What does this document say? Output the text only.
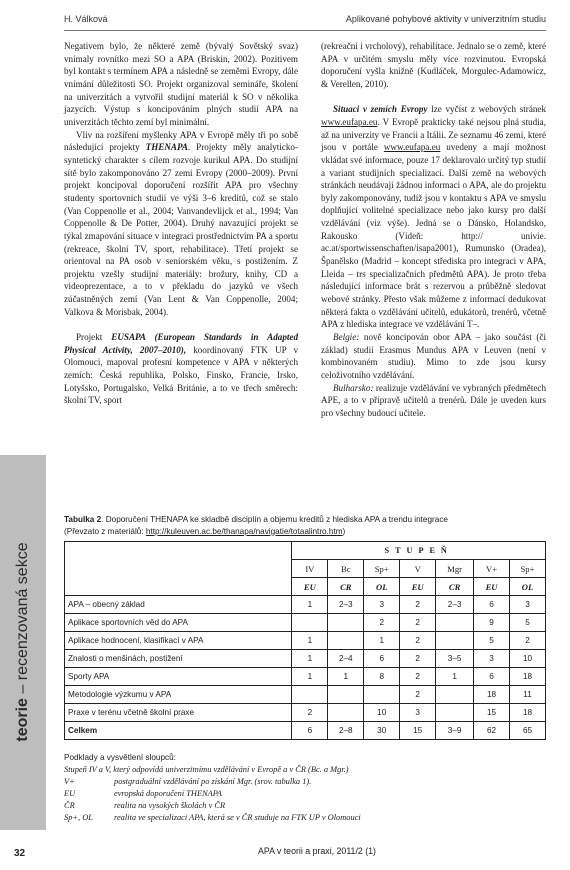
H. Válková	Aplikované pohybové aktivity v univerzitním studiu
teorie – recenzovaná sekce

Negativem bylo, že některé země (bývalý Sovětský svaz) vnímaly rovnítko mezi SO a APA (Briskin, 2002). Pozitivem byl kontakt s termínem APA a následně se zeměmi Evropy, dále vnímání důležitosti SO. Projekt organizoval semináře, školení na univerzitách a vytvořil studijní materiál k SO v několika jazycích. Výstup s koncipováním plných studií APA na univerzitách těchto zemí byl minimální.

Vliv na rozšíření myšlenky APA v Evropě měly tři po sobě následující projekty THENAPA. Projekty měly analyticko-syntetický charakter s cílem rozvoje kurikul APA. Do studijní sítě bylo zakomponováno 27 zemí Evropy (2000–2009). První projekt koncipoval doporučení rozšířit APA pro všechny studenty sportovních studií ve výši 3–6 kreditů, což se stalo (Van Coppenolle et al., 2004; Vanvandevlijck et al., 1994; Van Coppenolle & De Potter, 2004). Druhý navazující projekt se týkal zmapování situace v integraci prostřednictvím PA a sportu (rekreace, školní TV, sport, rehabilitace). Třetí projekt se orientoval na PA osob v seniorském věku, s postižením. Z projektu vzešly studijní materiály: brožury, knihy, CD a videoprezentace, a to v překladu do jazyků ve všech zúčastněných zemí (Van Lent & Van Coppenolle, 2004; Valkova & Morisbak, 2004).

Projekt EUSAPA (European Standards in Adapted Physical Activity, 2007–2010), koordinovaný FTK UP v Olomouci, mapoval profesní kompetence v APA v některých zemích: Česká republika, Polsko, Finsko, Francie, Irsko, Lotyšsko, Portugalsko, Velká Británie, a to ve třech směrech: školní TV, sport

(rekreační i vrcholový), rehabilitace. Jednalo se o země, které APA v určitém smyslu měly více rozvinutou. Evropská doporučení vyšla knižně (Kudláček, Morgulec-Adamowicz, & Verellen, 2010).

Situaci v zemích Evropy lze vyčíst z webových stránek www.eufapa.eu. V Evropě prakticky také nejsou plná studia, až na univerzity ve Francii a Itálii. Ze seznamu 46 zemí, které jsou v portále www.eufapa.eu uvedeny a mají možnost vkládat své informace, pouze 17 deklarovalo určitý typ studií a variant studijních specializací. Další země na webových stránkách neudávají žádnou informaci o APA, ale do projektu byly zakomponovány, tudíž jsou v kontaktu s APA ve smyslu doplňující volitelné specializace nebo jako kursy pro další vzdělávání (viz výše). Jedná se o Dánsko, Holandsko, Rakousko (Vídeň: http:// univie. ac.at/sportwissenschaften/isapa2001), Rumunsko (Oradea), Španělsko (Madrid – koncept střediska pro integraci v APA, Lleida – trs specializačních předmětů APA). Je proto třeba následující informace brát s rezervou a průběžně sledovat webové stránky. Přesto však můžeme z informací dedukovat některá fakta o vzdělávání učitelů, edukátorů, trenérů, včetně APA z hlediska integrace ve vzdělávání T–.

Belgie: nově koncipován obor APA – jako součást (či základ) studií Erasmus Mundus APA v Leuven (není v kombinovaném studiu). Mimo to zde jsou kursy celoživotního vzdělávání.

Bulharsko: realizuje vzdělávání ve vybraných předmětech APE, a to v přípravě učitelů a trenérů. Dále je uveden kurs pro všechny budoucí učitele.

Tabulka 2. Doporučení THENAPA ke skladbě disciplín a objemu kreditů z hlediska APA a trendu integrace
(Převzato z materiálů: http://kuleuven.ac.be/thanapa/navigatie/totaalintro.htm)
	STUPEŇ						
	IV	Bc	Sp+	V	Mgr	V+	Sp+
	EU	CR	OL	EU	CR	EU	OL
APA – obecný základ	1	2–3	3	2	2–3	6	3
Aplikace sportovních věd do APA			2	2		9	5
Aplikace hodnocení, klasifikací v APA	1		1	2		5	2
Znalosti o menšinách, postižení	1	2–4	6	2	3–5	3	10
Sporty APA	1	1	8	2	1	6	18
Metodologie výzkumu v APA				2		18	11
Praxe v terénu včetně školní praxe	2		10	3		15	18
Celkem	6	2–8	30	15	3–9	62	65
Podklady a vysvětlení sloupců:
Stupeň IV a V, který odpovídá univerzitnímu vzdělávání v Evropě a v ČR (Bc. a Mgr.)
V+	postgraduální vzdělávání po získání Mgr. (srov. tabulka 1).
EU	evropská doporučení THENAPA
ČR	realita na vysokých školách v ČR
Sp+, OL	realita ve specializaci APA, která se v ČR studuje na FTK UP v Olomouci
32	APA v teorii a praxi, 2011/2 (1)
